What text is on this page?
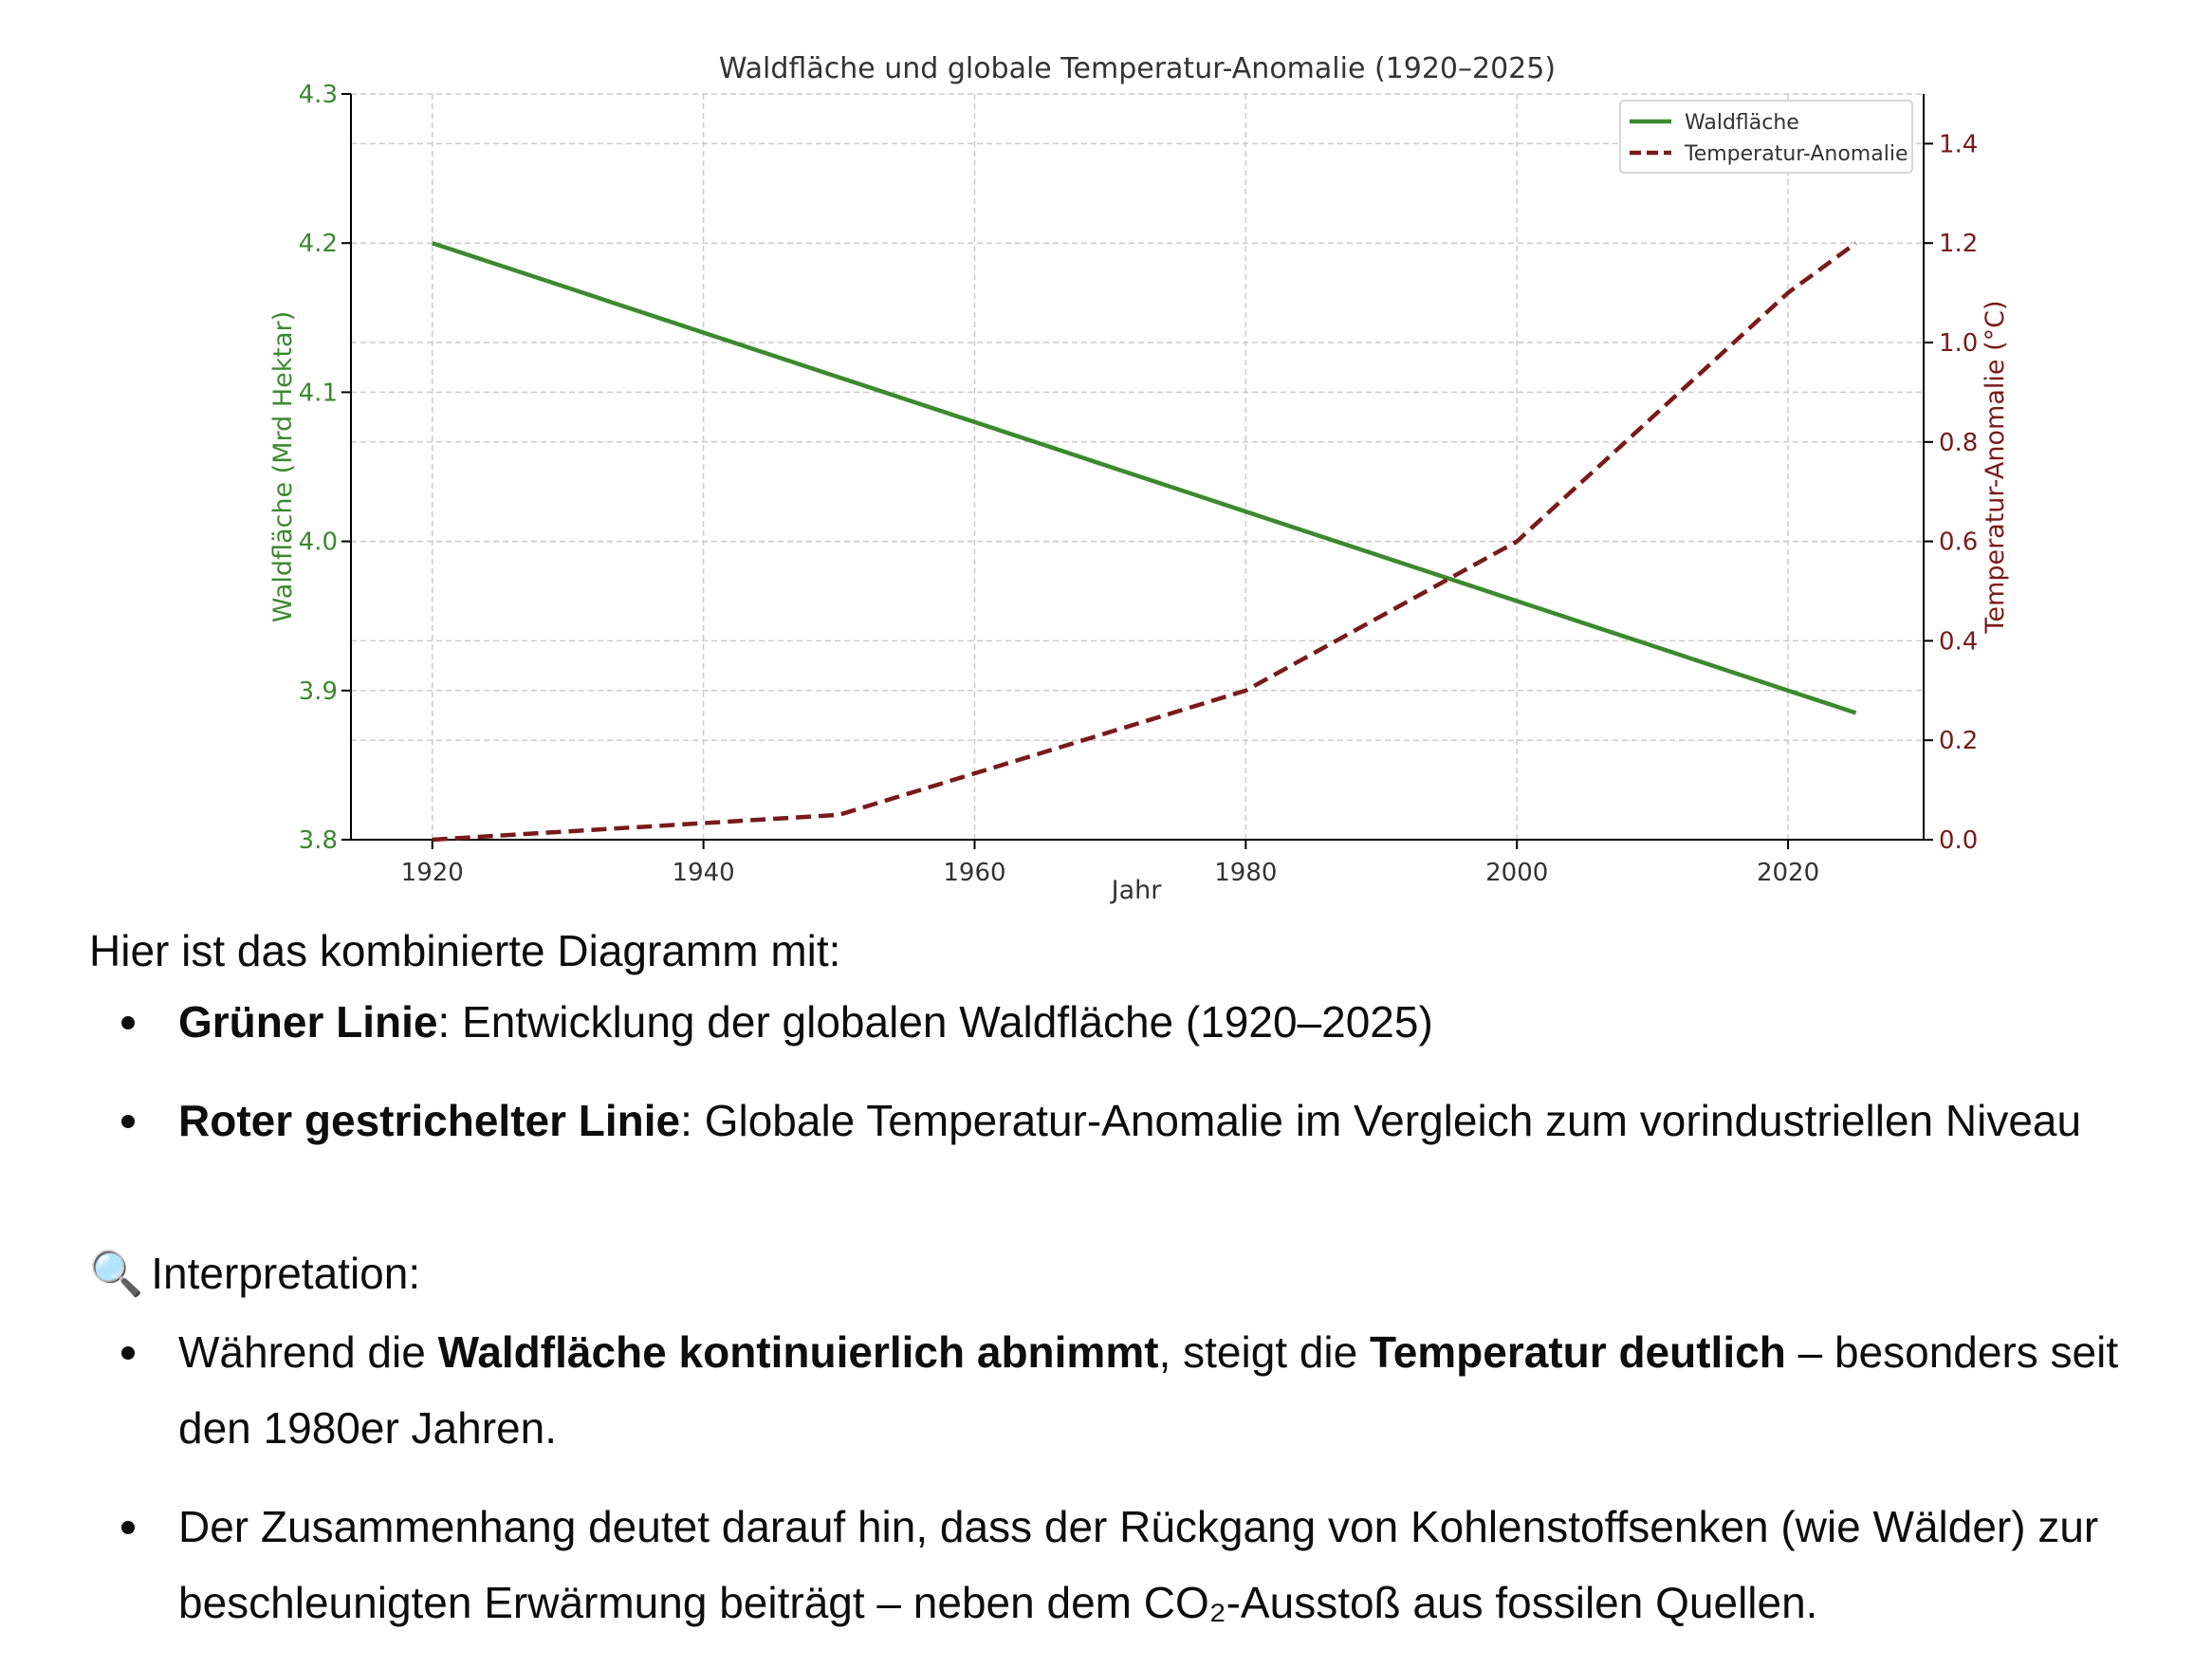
1920	1940	1960	1980	2000	2020
3.8
3.9
4.0
4.1
4.2
4.3
0.0
0.2
0.4
0.6
0.8
1.0
1.2
1.4
Waldfläche und globale Temperatur-Anomalie (1920–2025)
Jahr
Waldfläche (Mrd Hektar)	Temperatur-Anomalie (°C)
Waldfläche
Temperatur-Anomalie

Hier ist das kombinierte Diagramm mit:

Grüner Linie: Entwicklung der globalen Waldfläche (1920–2025)
Roter gestrichelter Linie: Globale Temperatur-Anomalie im Vergleich zum vorindustriellen Niveau

🔍 Interpretation:

Während die Waldfläche kontinuierlich abnimmt, steigt die Temperatur deutlich – besonders seit den 1980er Jahren.
Der Zusammenhang deutet darauf hin, dass der Rückgang von Kohlenstoffsenken (wie Wälder) zur beschleunigten Erwärmung beiträgt – neben dem CO₂-Ausstoß aus fossilen Quellen.
